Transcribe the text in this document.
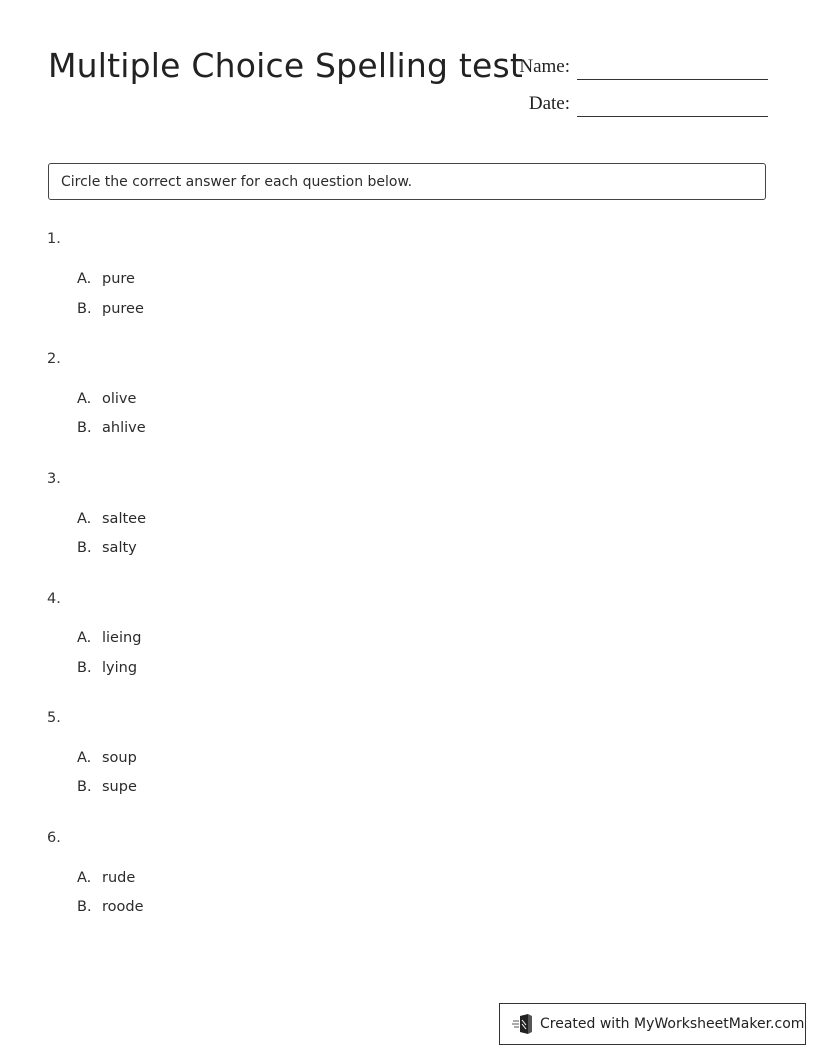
Multiple Choice Spelling test
Name:
Date:
Circle the correct answer for each question below.
1.
A. pure
B. puree
2.
A. olive
B. ahlive
3.
A. saltee
B. salty
4.
A. lieing
B. lying
5.
A. soup
B. supe
6.
A. rude
B. roode
Created with MyWorksheetMaker.com
